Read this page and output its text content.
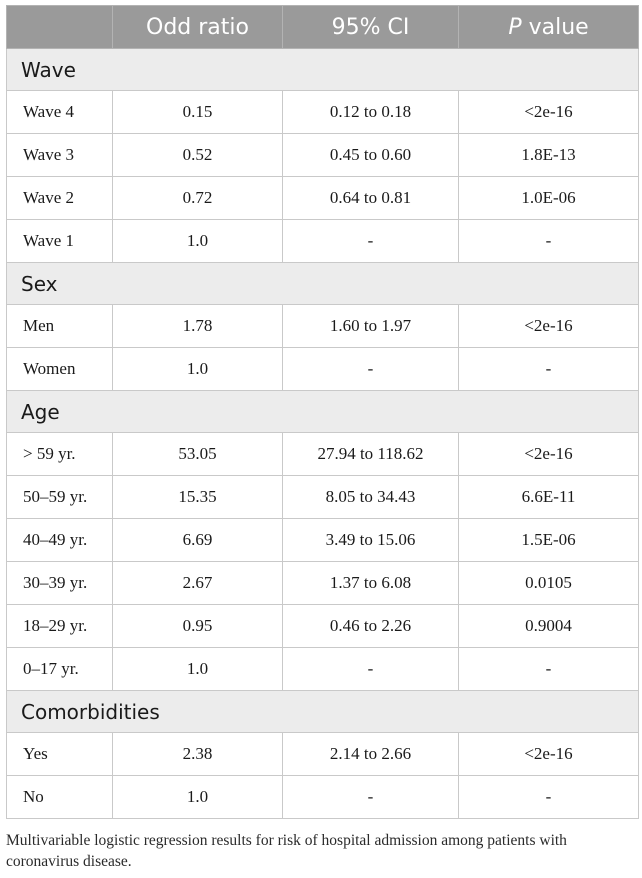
	Odd ratio	95% CI	P value
Wave			
Wave 4	0.15	0.12 to 0.18	<2e-16
Wave 3	0.52	0.45 to 0.60	1.8E-13
Wave 2	0.72	0.64 to 0.81	1.0E-06
Wave 1	1.0	-	-
Sex			
Men	1.78	1.60 to 1.97	<2e-16
Women	1.0	-	-
Age			
> 59 yr.	53.05	27.94 to 118.62	<2e-16
50–59 yr.	15.35	8.05 to 34.43	6.6E-11
40–49 yr.	6.69	3.49 to 15.06	1.5E-06
30–39 yr.	2.67	1.37 to 6.08	0.0105
18–29 yr.	0.95	0.46 to 2.26	0.9004
0–17 yr.	1.0	-	-
Comorbidities			
Yes	2.38	2.14 to 2.66	<2e-16
No	1.0	-	-

Multivariable logistic regression results for risk of hospital admission among patients with coronavirus disease.
